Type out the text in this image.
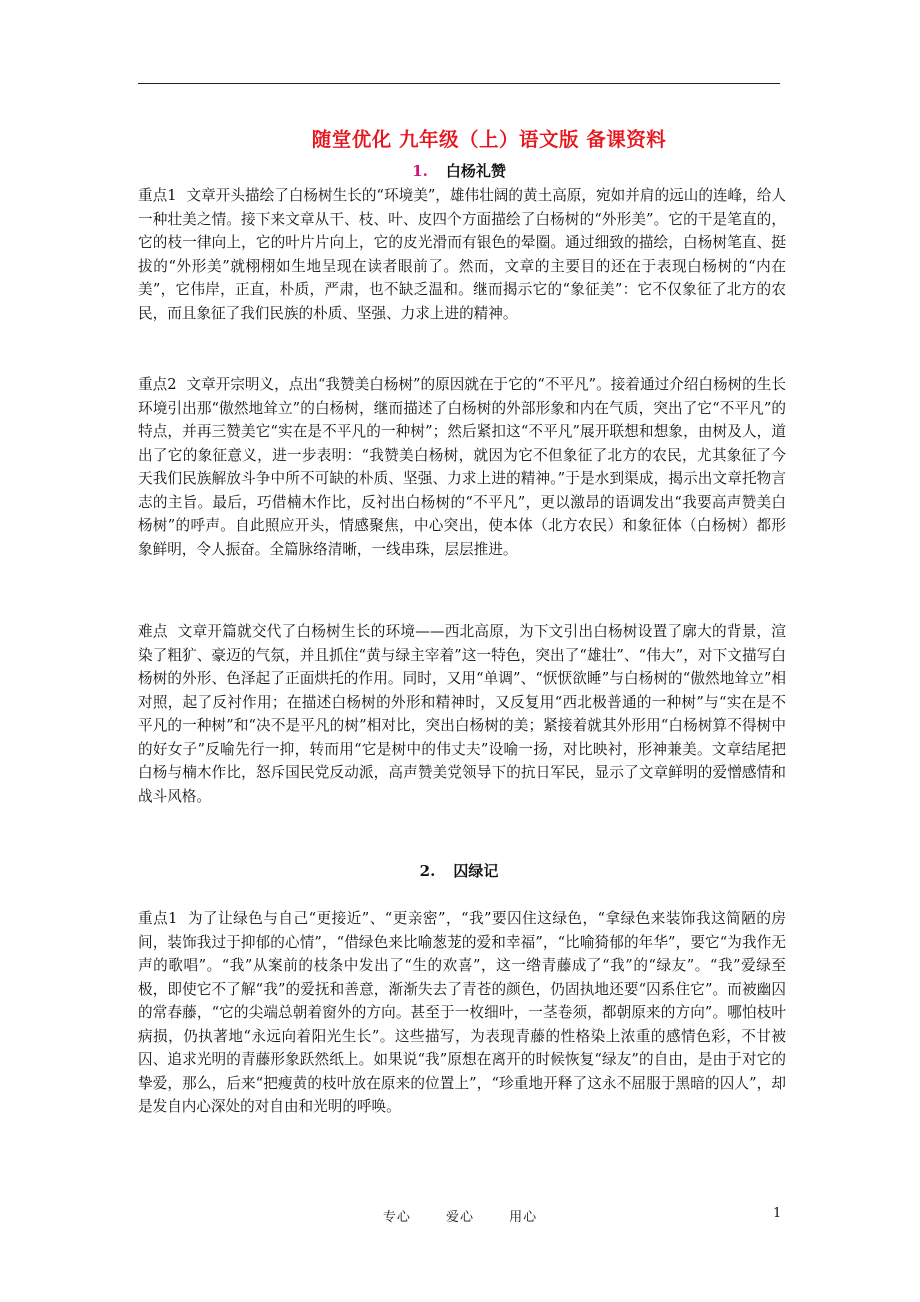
随堂优化 九年级（上）语文版 备课资料
1. 白杨礼赞
重点1 文章开头描绘了白杨树生长的“环境美”，雄伟壮阔的黄土高原，宛如并肩的远山的连峰，给人一种壮美之情。接下来文章从干、枝、叶、皮四个方面描绘了白杨树的“外形美”。它的干是笔直的，它的枝一律向上，它的叶片片向上，它的皮光滑而有银色的晕圈。通过细致的描绘，白杨树笔直、挺拔的“外形美”就栩栩如生地呈现在读者眼前了。然而，文章的主要目的还在于表现白杨树的“内在美”，它伟岸，正直，朴质，严肃，也不缺乏温和。继而揭示它的“象征美”：它不仅象征了北方的农民，而且象征了我们民族的朴质、坚强、力求上进的精神。
重点2 文章开宗明义，点出“我赞美白杨树”的原因就在于它的“不平凡”。接着通过介绍白杨树的生长环境引出那“傲然地耸立”的白杨树，继而描述了白杨树的外部形象和内在气质，突出了它“不平凡”的特点，并再三赞美它“实在是不平凡的一种树”；然后紧扣这“不平凡”展开联想和想象，由树及人，道出了它的象征意义，进一步表明：“我赞美白杨树，就因为它不但象征了北方的农民，尤其象征了今天我们民族解放斗争中所不可缺的朴质、坚强、力求上进的精神。”于是水到渠成，揭示出文章托物言志的主旨。最后，巧借楠木作比，反衬出白杨树的“不平凡”，更以激昂的语调发出“我要高声赞美白杨树”的呼声。自此照应开头，情感聚焦，中心突出，使本体（北方农民）和象征体（白杨树）都形象鲜明，令人振奋。全篇脉络清晰，一线串珠，层层推进。
难点 文章开篇就交代了白杨树生长的环境——西北高原，为下文引出白杨树设置了廓大的背景，渲染了粗犷、豪迈的气氛，并且抓住“黄与绿主宰着”这一特色，突出了“雄壮”、“伟大”，对下文描写白杨树的外形、色泽起了正面烘托的作用。同时，又用“单调”、“恹恹欲睡”与白杨树的“傲然地耸立”相对照，起了反衬作用；在描述白杨树的外形和精神时，又反复用“西北极普通的一种树”与“实在是不平凡的一种树”和“决不是平凡的树”相对比，突出白杨树的美；紧接着就其外形用“白杨树算不得树中的好女子”反喻先行一抑，转而用“它是树中的伟丈夫”设喻一扬，对比映衬，形神兼美。文章结尾把白杨与楠木作比，怒斥国民党反动派，高声赞美党领导下的抗日军民，显示了文章鲜明的爱憎感情和战斗风格。
2. 囚绿记
重点1 为了让绿色与自己“更接近”、“更亲密”，“我”要囚住这绿色，“拿绿色来装饰我这简陋的房间，装饰我过于抑郁的心情”，“借绿色来比喻葱茏的爱和幸福”，“比喻猗郁的年华”，要它“为我作无声的歌唱”。“我”从案前的枝条中发出了“生的欢喜”，这一绺青藤成了“我”的“绿友”。“我”爱绿至极，即使它不了解“我”的爱抚和善意，渐渐失去了青苍的颜色，仍固执地还要“囚系住它”。而被幽囚的常春藤，“它的尖端总朝着窗外的方向。甚至于一枚细叶，一茎卷须，都朝原来的方向”。哪怕枝叶病损，仍执著地“永远向着阳光生长”。这些描写，为表现青藤的性格染上浓重的感情色彩，不甘被囚、追求光明的青藤形象跃然纸上。如果说“我”原想在离开的时候恢复“绿友”的自由，是由于对它的挚爱，那么，后来“把瘦黄的枝叶放在原来的位置上”，“珍重地开释了这永不屈服于黑暗的囚人”，却是发自内心深处的对自由和光明的呼唤。
专心	爱心	用心	1
